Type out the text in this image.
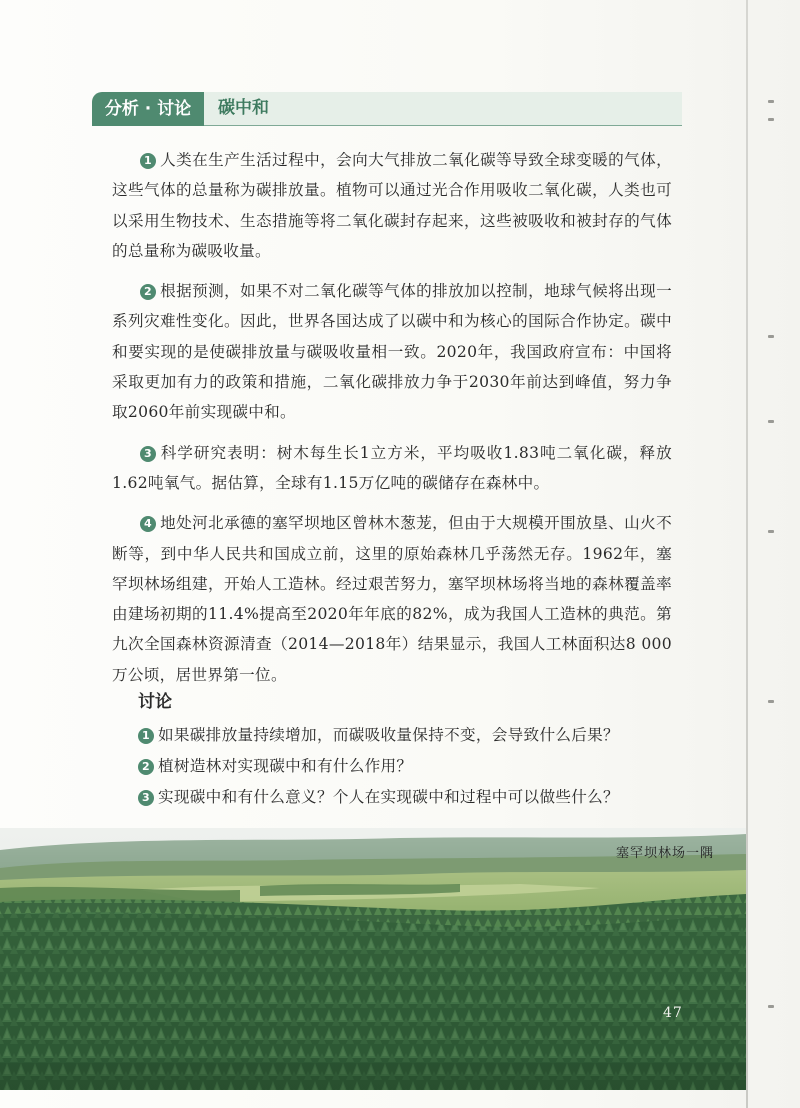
分析 · 讨论	碳中和

1 人类在生产生活过程中，会向大气排放二氧化碳等导致全球变暖的气体，这些气体的总量称为碳排放量。植物可以通过光合作用吸收二氧化碳，人类也可以采用生物技术、生态措施等将二氧化碳封存起来，这些被吸收和被封存的气体的总量称为碳吸收量。

2 根据预测，如果不对二氧化碳等气体的排放加以控制，地球气候将出现一系列灾难性变化。因此，世界各国达成了以碳中和为核心的国际合作协定。碳中和要实现的是使碳排放量与碳吸收量相一致。2020年，我国政府宣布：中国将采取更加有力的政策和措施，二氧化碳排放力争于2030年前达到峰值，努力争取2060年前实现碳中和。

3 科学研究表明：树木每生长1立方米，平均吸收1.83吨二氧化碳，释放1.62吨氧气。据估算，全球有1.15万亿吨的碳储存在森林中。

4 地处河北承德的塞罕坝地区曾林木葱茏，但由于大规模开围放垦、山火不断等，到中华人民共和国成立前，这里的原始森林几乎荡然无存。1962年，塞罕坝林场组建，开始人工造林。经过艰苦努力，塞罕坝林场将当地的森林覆盖率由建场初期的11.4%提高至2020年年底的82%，成为我国人工造林的典范。第九次全国森林资源清查（2014—2018年）结果显示，我国人工林面积达8 000万公顷，居世界第一位。

讨论
1 如果碳排放量持续增加，而碳吸收量保持不变，会导致什么后果？
2 植树造林对实现碳中和有什么作用？
3 实现碳中和有什么意义？个人在实现碳中和过程中可以做些什么？
塞罕坝林场一隅
47
